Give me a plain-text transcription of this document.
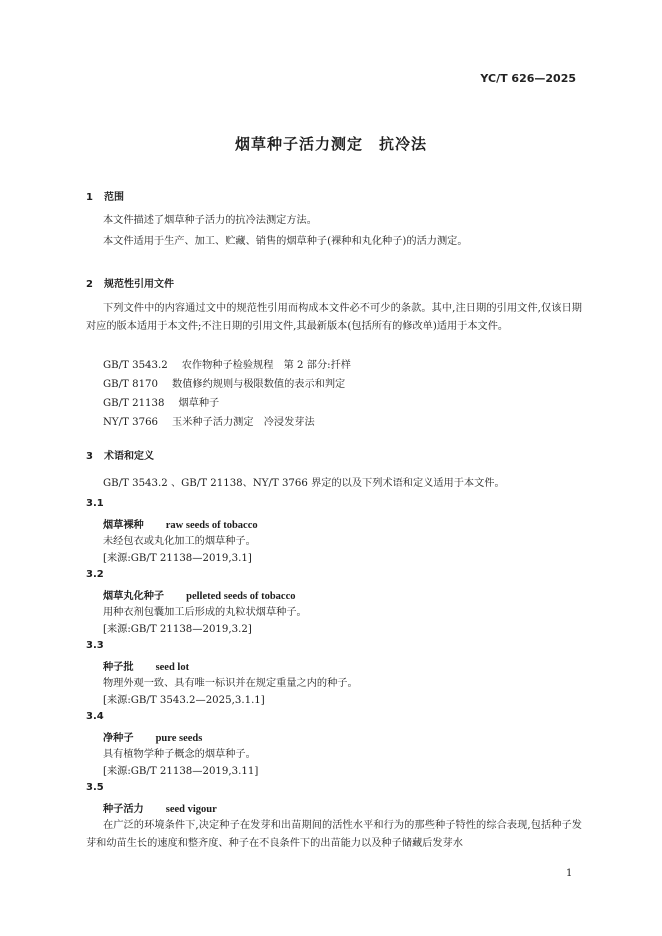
YC/T 626—2025
烟草种子活力测定 抗冷法
1 范围
本文件描述了烟草种子活力的抗冷法测定方法。
本文件适用于生产、加工、贮藏、销售的烟草种子(裸种和丸化种子)的活力测定。
2 规范性引用文件
下列文件中的内容通过文中的规范性引用而构成本文件必不可少的条款。其中,注日期的引用文件,仅该日期对应的版本适用于本文件;不注日期的引用文件,其最新版本(包括所有的修改单)适用于本文件。
GB/T 3543.2 农作物种子检验规程　第 2 部分:扦样
GB/T 8170 数值修约规则与极限数值的表示和判定
GB/T 21138 烟草种子
NY/T 3766 玉米种子活力测定　冷浸发芽法
3 术语和定义
GB/T 3543.2 、GB/T 21138、NY/T 3766 界定的以及下列术语和定义适用于本文件。
3.1
烟草裸种 raw seeds of tobacco
未经包衣或丸化加工的烟草种子。
[来源:GB/T 21138—2019,3.1]
3.2
烟草丸化种子 pelleted seeds of tobacco
用种衣剂包囊加工后形成的丸粒状烟草种子。
[来源:GB/T 21138—2019,3.2]
3.3
种子批 seed lot
物理外观一致、具有唯一标识并在规定重量之内的种子。
[来源:GB/T 3543.2—2025,3.1.1]
3.4
净种子 pure seeds
具有植物学种子概念的烟草种子。
[来源:GB/T 21138—2019,3.11]
3.5
种子活力 seed vigour
在广泛的环境条件下,决定种子在发芽和出苗期间的活性水平和行为的那些种子特性的综合表现,包括种子发芽和幼苗生长的速度和整齐度、种子在不良条件下的出苗能力以及种子储藏后发芽水
1
